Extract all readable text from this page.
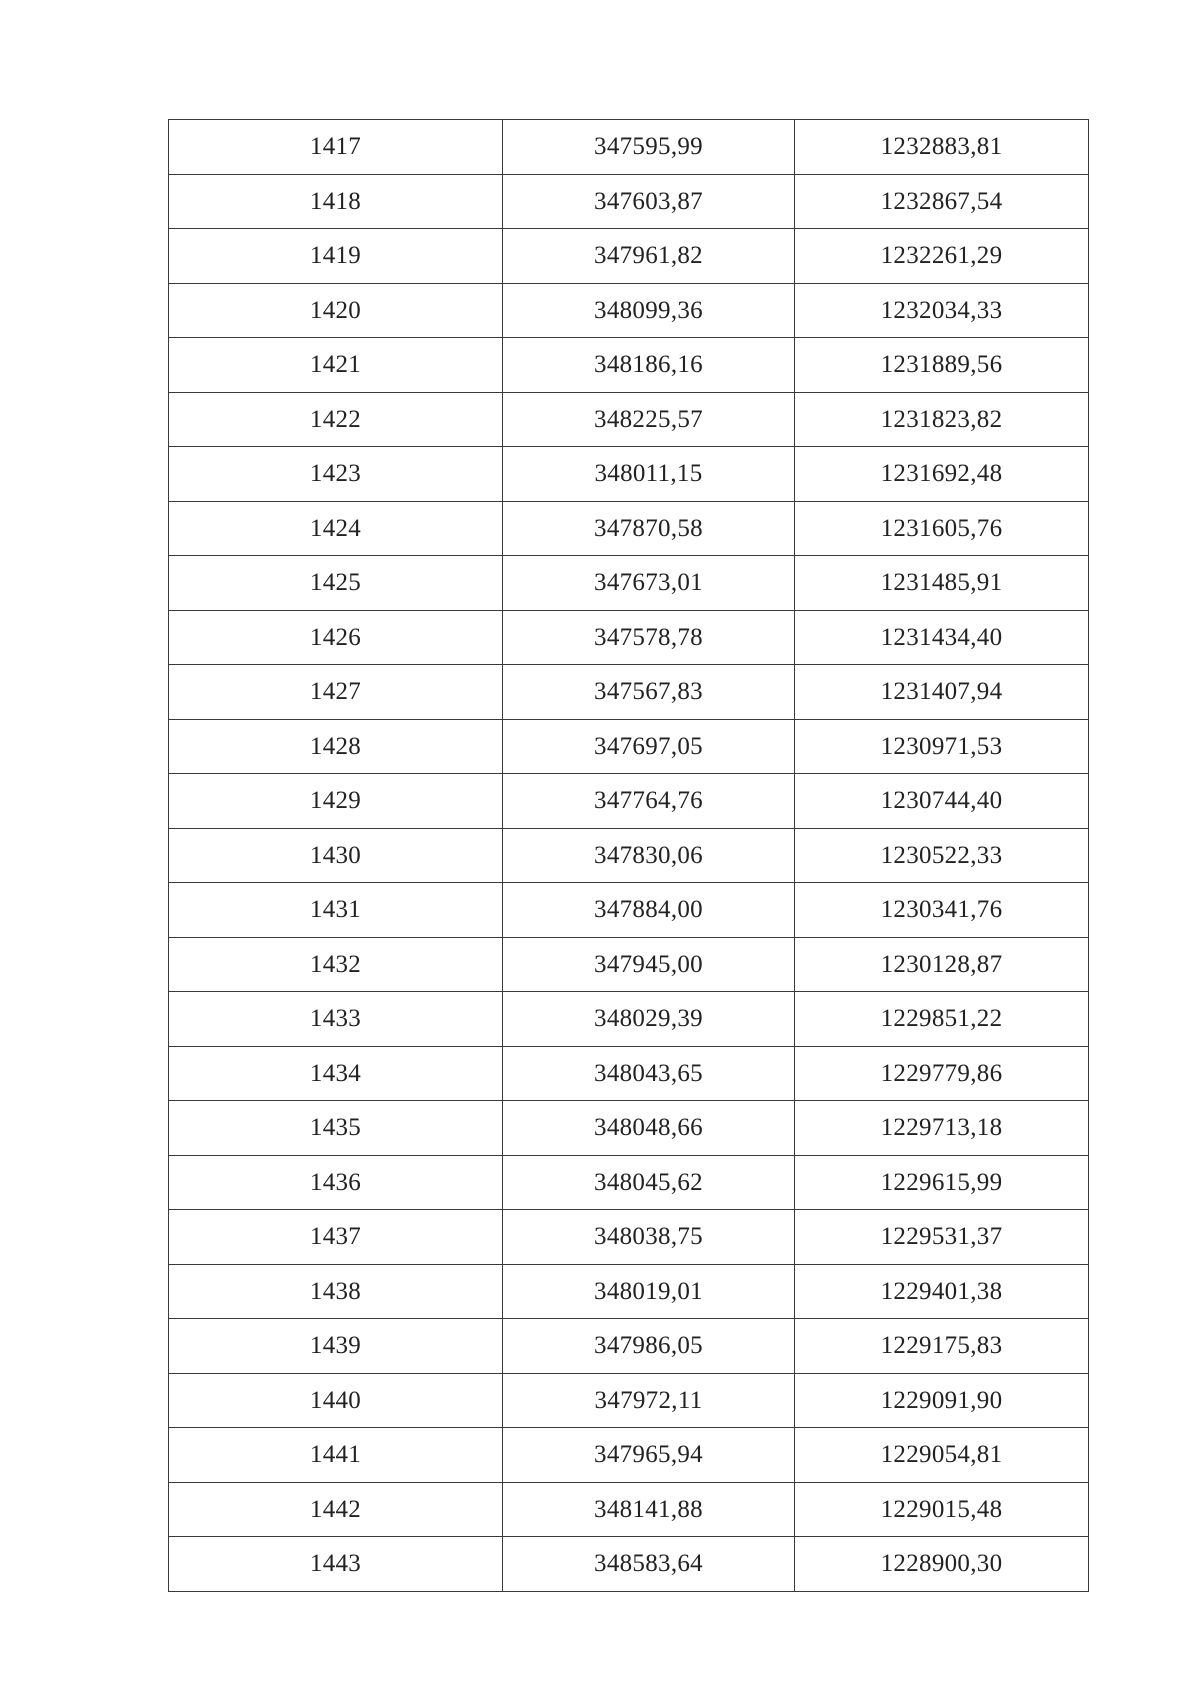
1417	347595,99	1232883,81
1418	347603,87	1232867,54
1419	347961,82	1232261,29
1420	348099,36	1232034,33
1421	348186,16	1231889,56
1422	348225,57	1231823,82
1423	348011,15	1231692,48
1424	347870,58	1231605,76
1425	347673,01	1231485,91
1426	347578,78	1231434,40
1427	347567,83	1231407,94
1428	347697,05	1230971,53
1429	347764,76	1230744,40
1430	347830,06	1230522,33
1431	347884,00	1230341,76
1432	347945,00	1230128,87
1433	348029,39	1229851,22
1434	348043,65	1229779,86
1435	348048,66	1229713,18
1436	348045,62	1229615,99
1437	348038,75	1229531,37
1438	348019,01	1229401,38
1439	347986,05	1229175,83
1440	347972,11	1229091,90
1441	347965,94	1229054,81
1442	348141,88	1229015,48
1443	348583,64	1228900,30
